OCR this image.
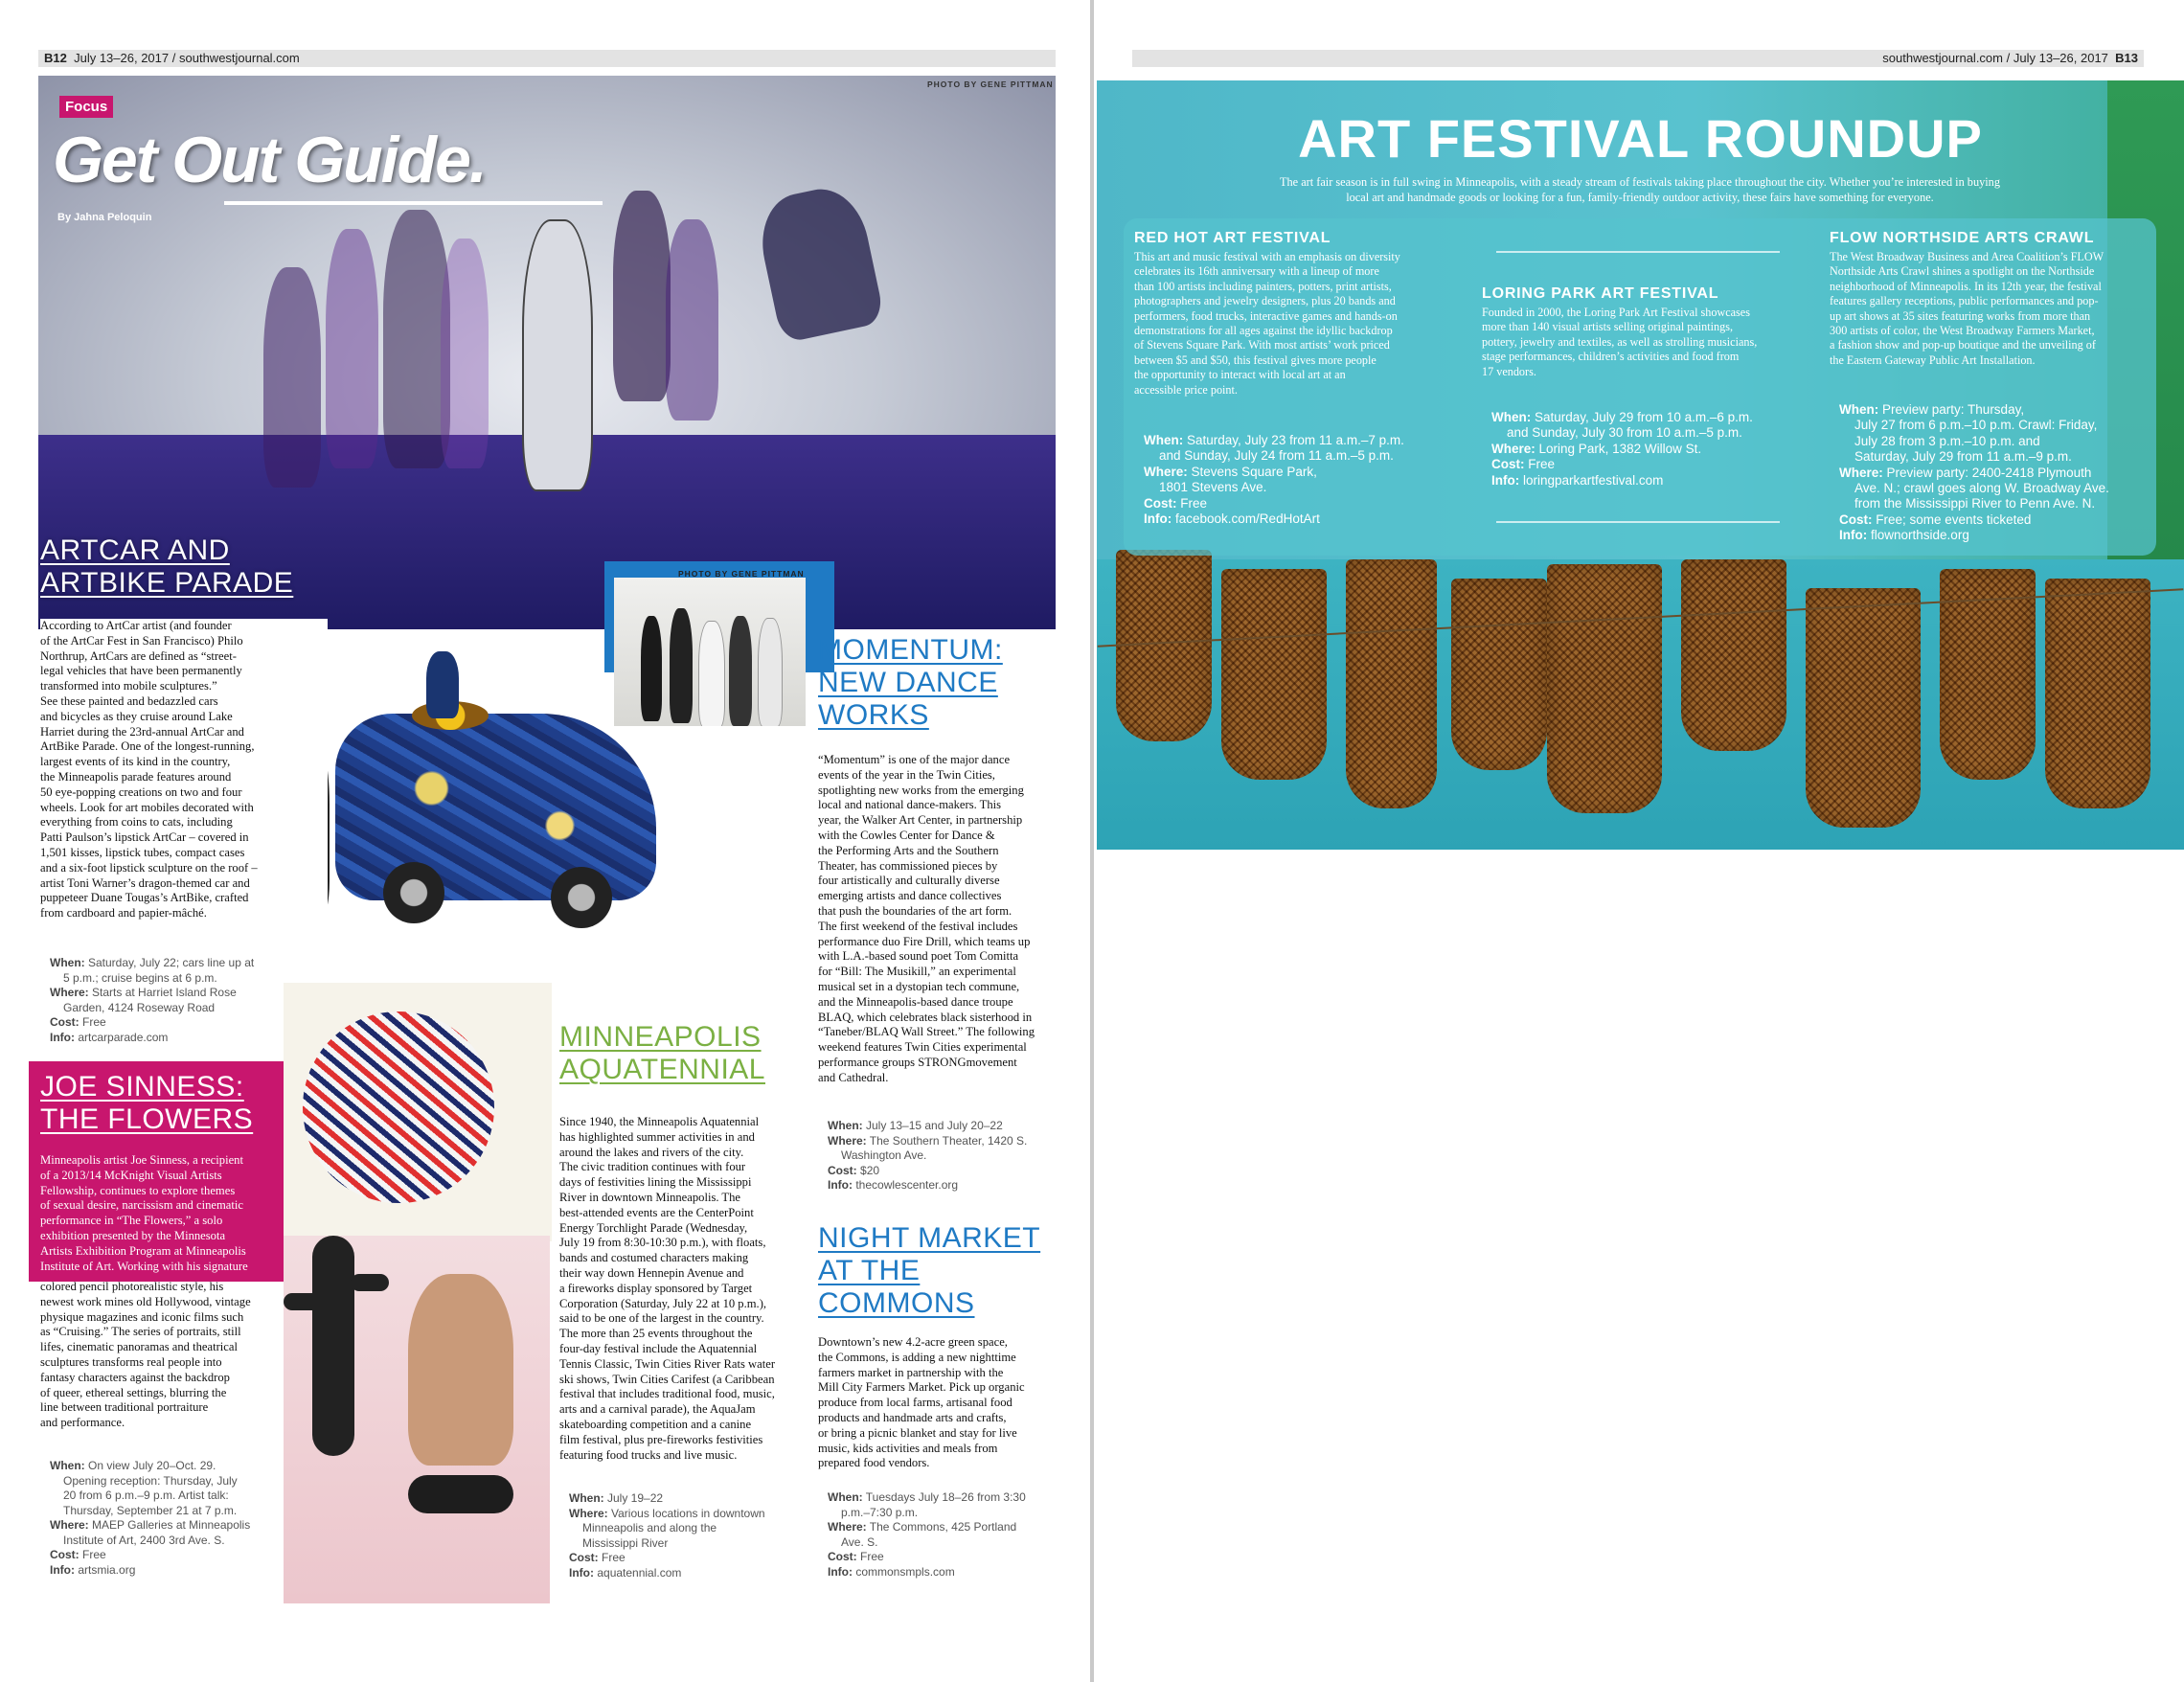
B12 July 13–26, 2017 / southwestjournal.com
PHOTO BY GENE PITTMAN
Focus
Get Out Guide.
By Jahna Peloquin
ARTCAR AND
ARTBIKE PARADE	PHOTO BY GENE PITTMAN
According to ArtCar artist (and founder
of the ArtCar Fest in San Francisco) Philo
Northrup, ArtCars are defined as “street-
legal vehicles that have been permanently
transformed into mobile sculptures.”
See these painted and bedazzled cars
and bicycles as they cruise around Lake
Harriet during the 23rd-annual ArtCar and
ArtBike Parade. One of the longest-running,
largest events of its kind in the country,
the Minneapolis parade features around
50 eye-popping creations on two and four
wheels. Look for art mobiles decorated with
everything from coins to cats, including
Patti Paulson’s lipstick ArtCar – covered in
1,501 kisses, lipstick tubes, compact cases
and a six-foot lipstick sculpture on the roof –
artist Toni Warner’s dragon-themed car and
puppeteer Duane Tougas’s ArtBike, crafted
from cardboard and papier-mâché.
When: Saturday, July 22; cars line up at
5 p.m.; cruise begins at 6 p.m.
Where: Starts at Harriet Island Rose
Garden, 4124 Roseway Road
Cost: Free
Info: artcarparade.com
JOE SINNESS:
THE FLOWERS
Minneapolis artist Joe Sinness, a recipient
of a 2013/14 McKnight Visual Artists
Fellowship, continues to explore themes
of sexual desire, narcissism and cinematic
performance in “The Flowers,” a solo
exhibition presented by the Minnesota
Artists Exhibition Program at Minneapolis
Institute of Art. Working with his signature
colored pencil photorealistic style, his
newest work mines old Hollywood, vintage
physique magazines and iconic films such
as “Cruising.” The series of portraits, still
lifes, cinematic panoramas and theatrical
sculptures transforms real people into
fantasy characters against the backdrop
of queer, ethereal settings, blurring the
line between traditional portraiture
and performance.
When: On view July 20–Oct. 29.
Opening reception: Thursday, July
20 from 6 p.m.–9 p.m. Artist talk:
Thursday, September 21 at 7 p.m.
Where: MAEP Galleries at Minneapolis
Institute of Art, 2400 3rd Ave. S.
Cost: Free
Info: artsmia.org
MINNEAPOLIS
AQUATENNIAL
Since 1940, the Minneapolis Aquatennial
has highlighted summer activities in and
around the lakes and rivers of the city.
The civic tradition continues with four
days of festivities lining the Mississippi
River in downtown Minneapolis. The
best-attended events are the CenterPoint
Energy Torchlight Parade (Wednesday,
July 19 from 8:30-10:30 p.m.), with floats,
bands and costumed characters making
their way down Hennepin Avenue and
a fireworks display sponsored by Target
Corporation (Saturday, July 22 at 10 p.m.),
said to be one of the largest in the country.
The more than 25 events throughout the
four-day festival include the Aquatennial
Tennis Classic, Twin Cities River Rats water
ski shows, Twin Cities Carifest (a Caribbean
festival that includes traditional food, music,
arts and a carnival parade), the AquaJam
skateboarding competition and a canine
film festival, plus pre-fireworks festivities
featuring food trucks and live music.
When: July 19–22
Where: Various locations in downtown
Minneapolis and along the
Mississippi River
Cost: Free
Info: aquatennial.com
MOMENTUM:
NEW DANCE
WORKS
“Momentum” is one of the major dance
events of the year in the Twin Cities,
spotlighting new works from the emerging
local and national dance-makers. This
year, the Walker Art Center, in partnership
with the Cowles Center for Dance &
the Performing Arts and the Southern
Theater, has commissioned pieces by
four artistically and culturally diverse
emerging artists and dance collectives
that push the boundaries of the art form.
The first weekend of the festival includes
performance duo Fire Drill, which teams up
with L.A.-based sound poet Tom Comitta
for “Bill: The Musikill,” an experimental
musical set in a dystopian tech commune,
and the Minneapolis-based dance troupe
BLAQ, which celebrates black sisterhood in
“Taneber/BLAQ Wall Street.” The following
weekend features Twin Cities experimental
performance groups STRONGmovement
and Cathedral.
When: July 13–15 and July 20–22
Where: The Southern Theater, 1420 S.
Washington Ave.
Cost: $20
Info: thecowlescenter.org
NIGHT MARKET
AT THE
COMMONS
Downtown’s new 4.2-acre green space,
the Commons, is adding a new nighttime
farmers market in partnership with the
Mill City Farmers Market. Pick up organic
produce from local farms, artisanal food
products and handmade arts and crafts,
or bring a picnic blanket and stay for live
music, kids activities and meals from
prepared food vendors.
When: Tuesdays July 18–26 from 3:30
p.m.–7:30 p.m.
Where: The Commons, 425 Portland
Ave. S.
Cost: Free
Info: commonsmpls.com
southwestjournal.com / July 13–26, 2017 B13
ART FESTIVAL ROUNDUP
The art fair season is in full swing in Minneapolis, with a steady stream of festivals taking place throughout the city. Whether you’re interested in buying
local art and handmade goods or looking for a fun, family-friendly outdoor activity, these fairs have something for everyone.
RED HOT ART FESTIVAL
This art and music festival with an emphasis on diversity
celebrates its 16th anniversary with a lineup of more
than 100 artists including painters, potters, print artists,
photographers and jewelry designers, plus 20 bands and
performers, food trucks, interactive games and hands-on
demonstrations for all ages against the idyllic backdrop
of Stevens Square Park. With most artists’ work priced
between $5 and $50, this festival gives more people
the opportunity to interact with local art at an
accessible price point.
When: Saturday, July 23 from 11 a.m.–7 p.m.
and Sunday, July 24 from 11 a.m.–5 p.m.
Where: Stevens Square Park,
1801 Stevens Ave.
Cost: Free
Info: facebook.com/RedHotArt
LORING PARK ART FESTIVAL
Founded in 2000, the Loring Park Art Festival showcases
more than 140 visual artists selling original paintings,
pottery, jewelry and textiles, as well as strolling musicians,
stage performances, children’s activities and food from
17 vendors.
When: Saturday, July 29 from 10 a.m.–6 p.m.
and Sunday, July 30 from 10 a.m.–5 p.m.
Where: Loring Park, 1382 Willow St.
Cost: Free
Info: loringparkartfestival.com
FLOW NORTHSIDE ARTS CRAWL
The West Broadway Business and Area Coalition’s FLOW
Northside Arts Crawl shines a spotlight on the Northside
neighborhood of Minneapolis. In its 12th year, the festival
features gallery receptions, public performances and pop-
up art shows at 35 sites featuring works from more than
300 artists of color, the West Broadway Farmers Market,
a fashion show and pop-up boutique and the unveiling of
the Eastern Gateway Public Art Installation.
When: Preview party: Thursday,
July 27 from 6 p.m.–10 p.m. Crawl: Friday,
July 28 from 3 p.m.–10 p.m. and
Saturday, July 29 from 11 a.m.–9 p.m.
Where: Preview party: 2400-2418 Plymouth
Ave. N.; crawl goes along W. Broadway Ave.
from the Mississippi River to Penn Ave. N.
Cost: Free; some events ticketed
Info: flownorthside.org
